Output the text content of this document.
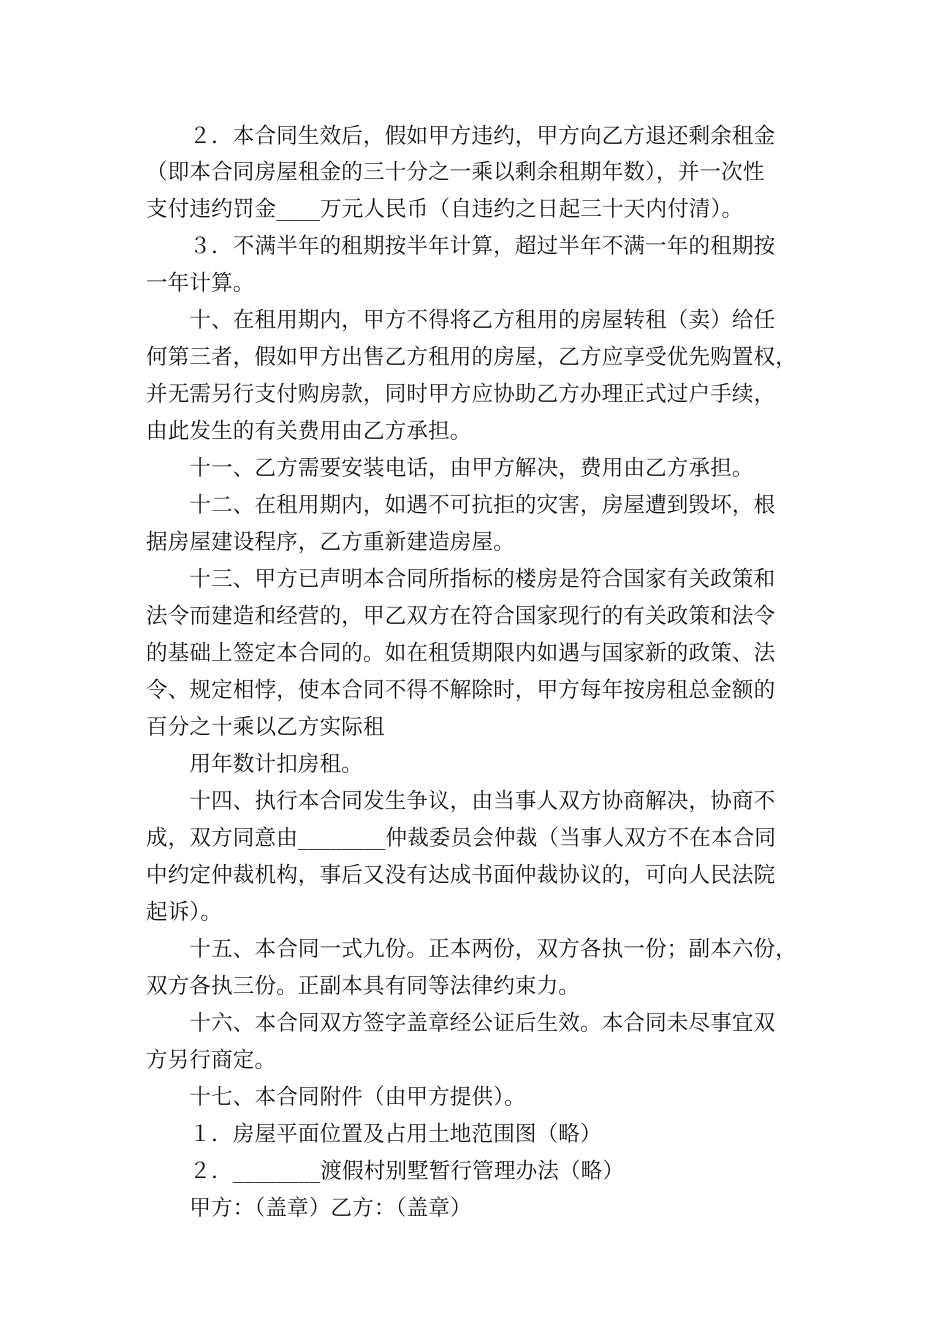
　　２．本合同生效后，假如甲方违约，甲方向乙方退还剩余租金
（即本合同房屋租金的三十分之一乘以剩余租期年数），并一次性
支付违约罚金____万元人民币（自违约之日起三十天内付清）。
　　３．不满半年的租期按半年计算，超过半年不满一年的租期按
一年计算。
　　十、在租用期内，甲方不得将乙方租用的房屋转租（卖）给任
何第三者，假如甲方出售乙方租用的房屋，乙方应享受优先购置权，
并无需另行支付购房款，同时甲方应协助乙方办理正式过户手续，
由此发生的有关费用由乙方承担。
　　十一、乙方需要安装电话，由甲方解决，费用由乙方承担。
　　十二、在租用期内，如遇不可抗拒的灾害，房屋遭到毁坏，根
据房屋建设程序，乙方重新建造房屋。
　　十三、甲方已声明本合同所指标的楼房是符合国家有关政策和
法令而建造和经营的，甲乙双方在符合国家现行的有关政策和法令
的基础上签定本合同的。如在租赁期限内如遇与国家新的政策、法
令、规定相悖，使本合同不得不解除时，甲方每年按房租总金额的
百分之十乘以乙方实际租
　　用年数计扣房租。
　　十四、执行本合同发生争议，由当事人双方协商解决，协商不
成，双方同意由________仲裁委员会仲裁（当事人双方不在本合同
中约定仲裁机构，事后又没有达成书面仲裁协议的，可向人民法院
起诉）。
　　十五、本合同一式九份。正本两份，双方各执一份；副本六份，
双方各执三份。正副本具有同等法律约束力。
　　十六、本合同双方签字盖章经公证后生效。本合同未尽事宜双
方另行商定。
　　十七、本合同附件（由甲方提供）。
　　１．房屋平面位置及占用土地范围图（略）
　　２．________渡假村别墅暂行管理办法（略）
　　甲方：（盖章）乙方：（盖章）
